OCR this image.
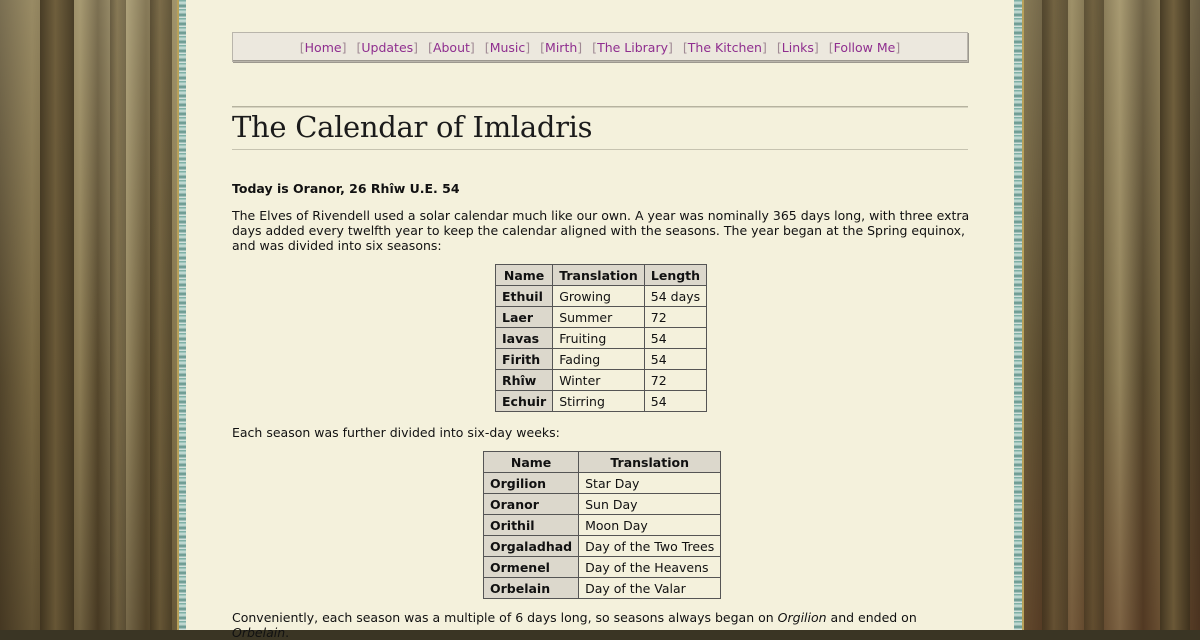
[Home] [Updates] [About] [Music] [Mirth] [The Library] [The Kitchen] [Links] [Follow Me]
The Calendar of Imladris
Today is Oranor, 26 Rhîw U.E. 54
The Elves of Rivendell used a solar calendar much like our own. A year was nominally 365 days long, with three extra days added every twelfth year to keep the calendar aligned with the seasons. The year began at the Spring equinox, and was divided into six seasons:
Name	Translation	Length
Ethuil	Growing	54 days
Laer	Summer	72
Iavas	Fruiting	54
Firith	Fading	54
Rhîw	Winter	72
Echuir	Stirring	54
Each season was further divided into six-day weeks:
Name	Translation
Orgilion	Star Day
Oranor	Sun Day
Orithil	Moon Day
Orgaladhad	Day of the Two Trees
Ormenel	Day of the Heavens
Orbelain	Day of the Valar
Conveniently, each season was a multiple of 6 days long, so seasons always began on Orgilion and ended on Orbelain.
